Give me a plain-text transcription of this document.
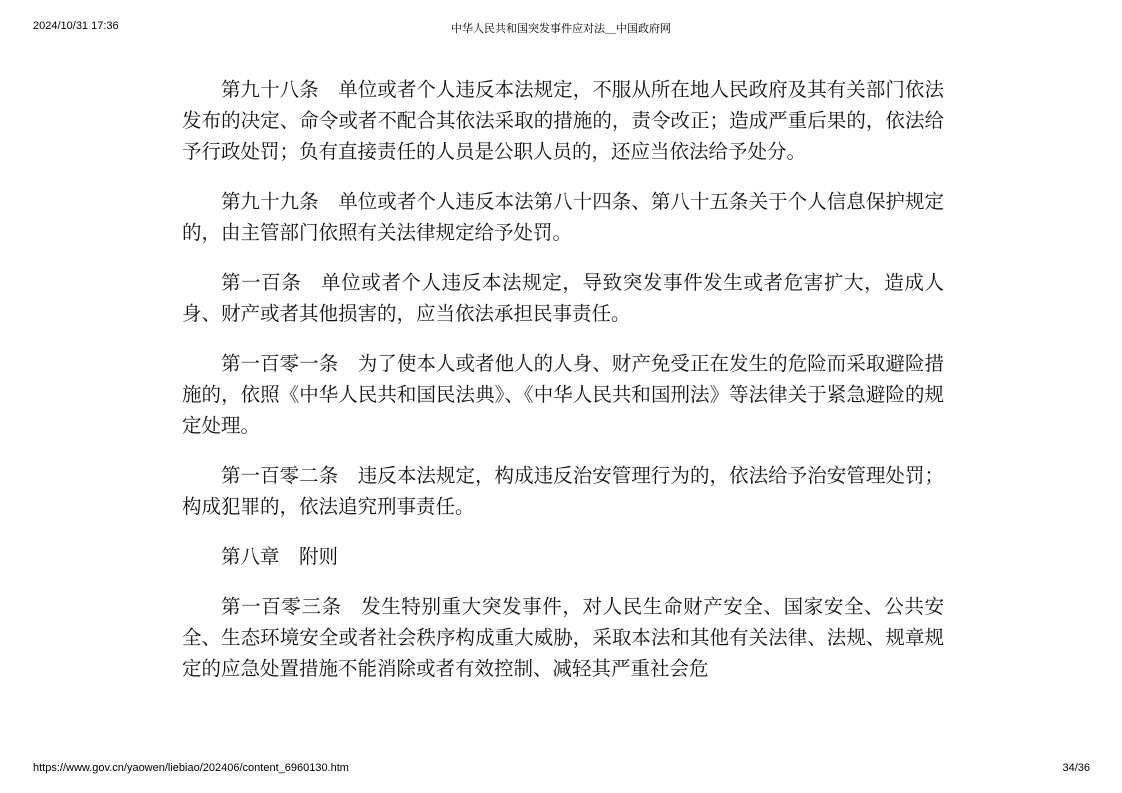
2024/10/31 17:36	中华人民共和国突发事件应对法＿中国政府网

第九十八条 单位或者个人违反本法规定，不服从所在地人民政府及其有关部门依法发布的决定、命令或者不配合其依法采取的措施的，责令改正；造成严重后果的，依法给予行政处罚；负有直接责任的人员是公职人员的，还应当依法给予处分。

第九十九条 单位或者个人违反本法第八十四条、第八十五条关于个人信息保护规定的，由主管部门依照有关法律规定给予处罚。

第一百条 单位或者个人违反本法规定，导致突发事件发生或者危害扩大，造成人身、财产或者其他损害的，应当依法承担民事责任。

第一百零一条 为了使本人或者他人的人身、财产免受正在发生的危险而采取避险措施的，依照《中华人民共和国民法典》、《中华人民共和国刑法》等法律关于紧急避险的规定处理。

第一百零二条 违反本法规定，构成违反治安管理行为的，依法给予治安管理处罚；构成犯罪的，依法追究刑事责任。

第八章 附则

第一百零三条 发生特别重大突发事件，对人民生命财产安全、国家安全、公共安全、生态环境安全或者社会秩序构成重大威胁，采取本法和其他有关法律、法规、规章规定的应急处置措施不能消除或者有效控制、减轻其严重社会危

https://www.gov.cn/yaowen/liebiao/202406/content_6960130.htm	34/36
